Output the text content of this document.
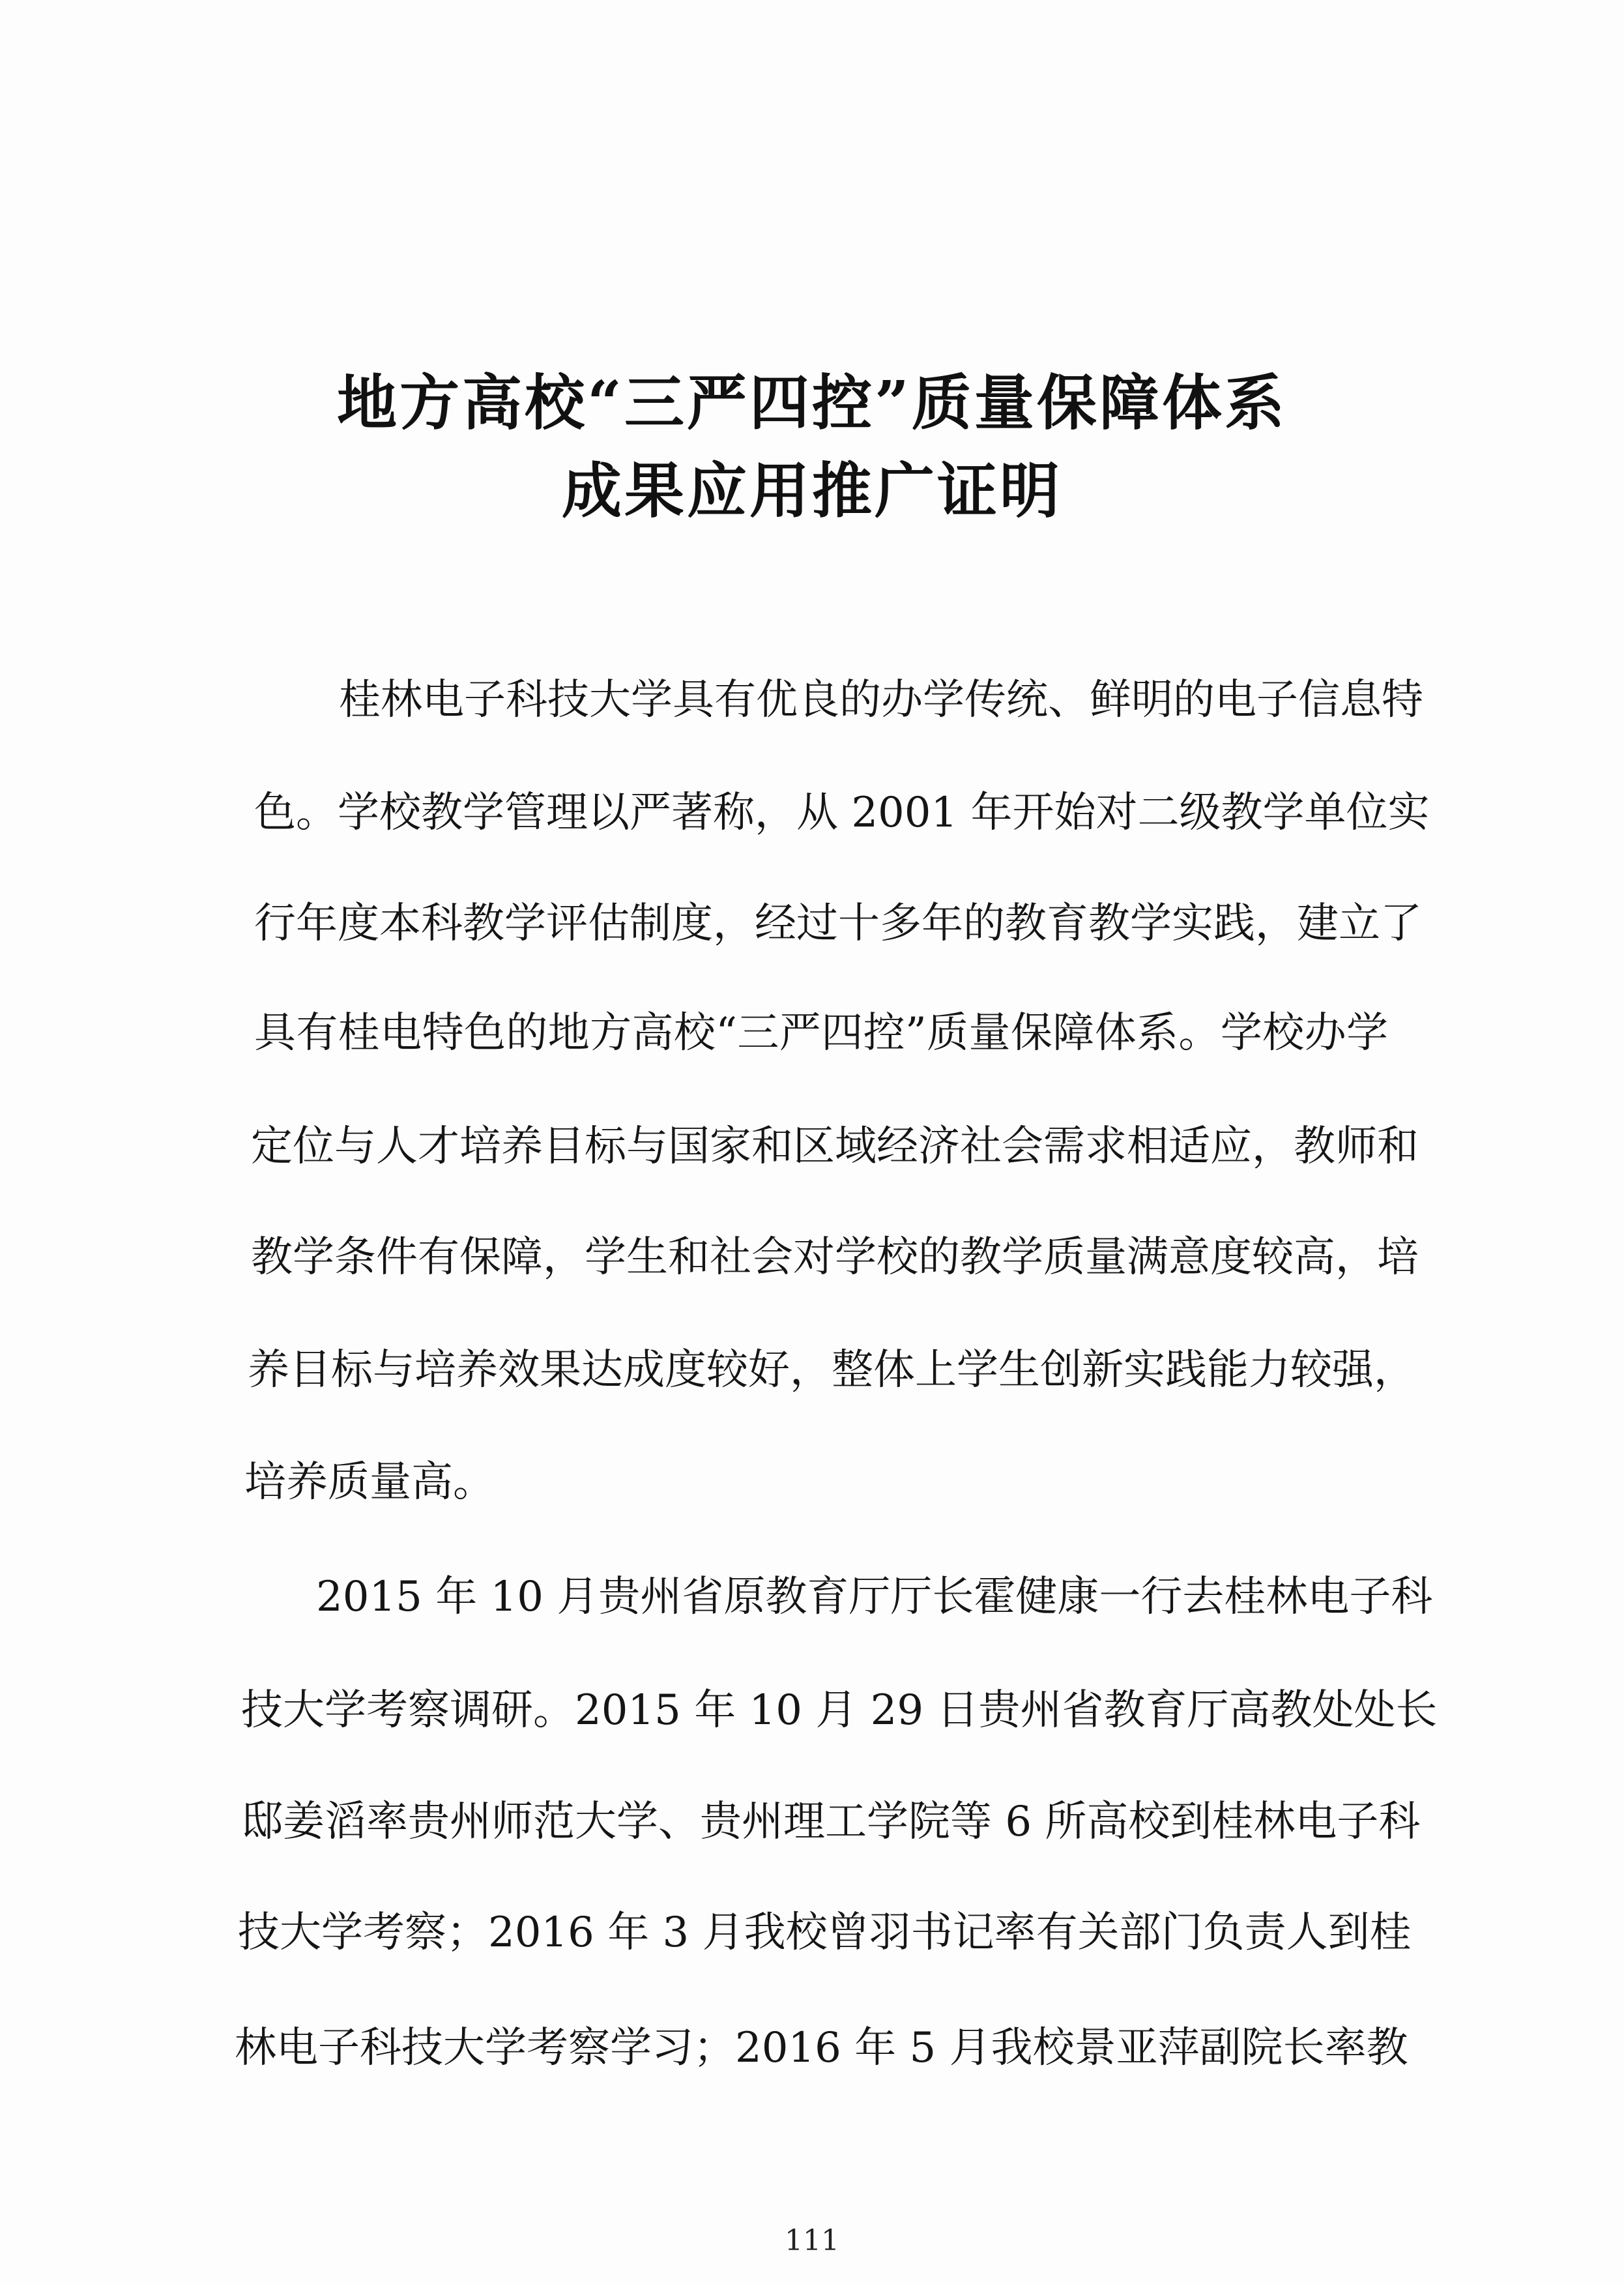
地方高校“三严四控”质量保障体系
成果应用推广证明
桂林电子科技大学具有优良的办学传统、鲜明的电子信息特
色。学校教学管理以严著称，从 2001 年开始对二级教学单位实
行年度本科教学评估制度，经过十多年的教育教学实践，建立了
具有桂电特色的地方高校“三严四控”质量保障体系。学校办学
定位与人才培养目标与国家和区域经济社会需求相适应，教师和
教学条件有保障，学生和社会对学校的教学质量满意度较高，培
养目标与培养效果达成度较好，整体上学生创新实践能力较强，
培养质量高。
2015 年 10 月贵州省原教育厅厅长霍健康一行去桂林电子科
技大学考察调研。2015 年 10 月 29 日贵州省教育厅高教处处长
邸姜滔率贵州师范大学、贵州理工学院等 6 所高校到桂林电子科
技大学考察；2016 年 3 月我校曾羽书记率有关部门负责人到桂
林电子科技大学考察学习；2016 年 5 月我校景亚萍副院长率教
111
